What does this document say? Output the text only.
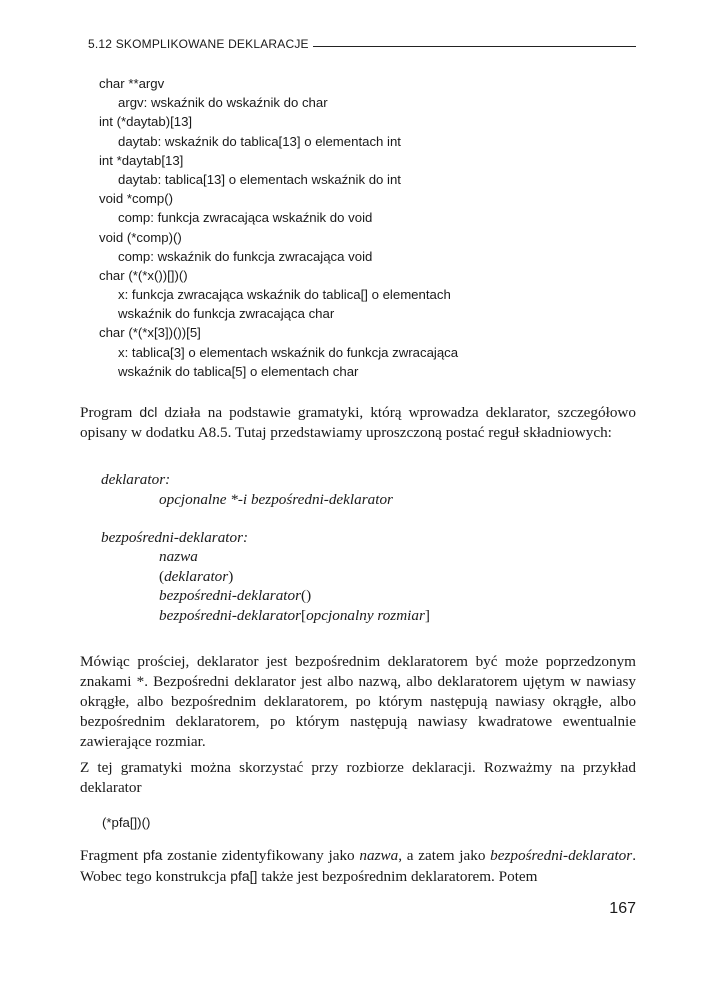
5.12 SKOMPLIKOWANE DEKLARACJE
char **argv
argv: wskaźnik do wskaźnik do char
int (*daytab)[13]
daytab: wskaźnik do tablica[13] o elementach int
int *daytab[13]
daytab: tablica[13] o elementach wskaźnik do int
void *comp()
comp: funkcja zwracająca wskaźnik do void
void (*comp)()
comp: wskaźnik do funkcja zwracająca void
char (*(*x())[])()
x: funkcja zwracająca wskaźnik do tablica[] o elementach
wskaźnik do funkcja zwracająca char
char (*(*x[3])())[5]
x: tablica[3] o elementach wskaźnik do funkcja zwracająca
wskaźnik do tablica[5] o elementach char

Program dcl działa na podstawie gramatyki, którą wprowadza deklarator, szczegółowo opisany w dodatku A8.5. Tutaj przedstawiamy uproszczoną postać reguł składniowych:

deklarator:
opcjonalne *-i bezpośredni-deklarator
bezpośredni-deklarator:
nazwa
(deklarator)
bezpośredni-deklarator()
bezpośredni-deklarator[opcjonalny rozmiar]

Mówiąc prościej, deklarator jest bezpośrednim deklaratorem być może poprzedzonym znakami *. Bezpośredni deklarator jest albo nazwą, albo deklaratorem ujętym w nawiasy okrągłe, albo bezpośrednim deklaratorem, po którym następują nawiasy okrągłe, albo bezpośrednim deklaratorem, po którym następują nawiasy kwadratowe ewentualnie zawierające rozmiar.

Z tej gramatyki można skorzystać przy rozbiorze deklaracji. Rozważmy na przykład deklarator

(*pfa[])()

Fragment pfa zostanie zidentyfikowany jako nazwa, a zatem jako bezpośredni-deklarator. Wobec tego konstrukcja pfa[] także jest bezpośrednim deklaratorem. Potem

167
